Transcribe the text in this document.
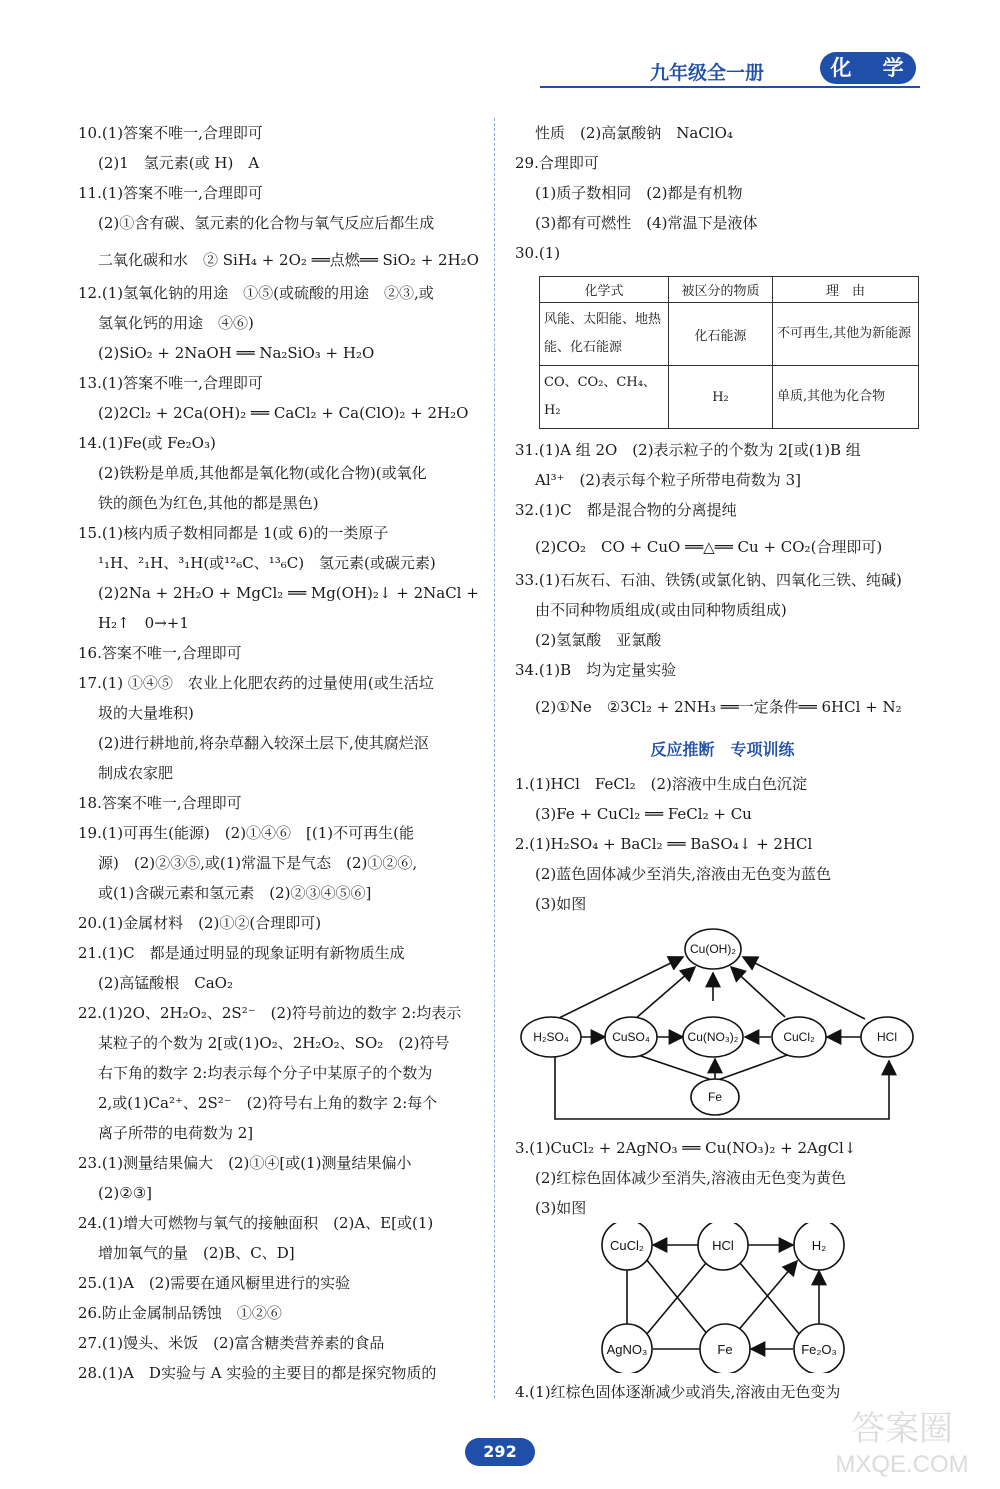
九年级全一册	化 学
10.(1)答案不唯一,合理即可
(2)1　氢元素(或 H)　A
11.(1)答案不唯一,合理即可
(2)①含有碳、氢元素的化合物与氧气反应后都生成
二氧化碳和水　② SiH₄ + 2O₂ ══点燃══ SiO₂ + 2H₂O
12.(1)氢氧化钠的用途　①⑤(或硫酸的用途　②③,或
氢氧化钙的用途　④⑥)
(2)SiO₂ + 2NaOH ══ Na₂SiO₃ + H₂O
13.(1)答案不唯一,合理即可
(2)2Cl₂ + 2Ca(OH)₂ ══ CaCl₂ + Ca(ClO)₂ + 2H₂O
14.(1)Fe(或 Fe₂O₃)
(2)铁粉是单质,其他都是氧化物(或化合物)(或氧化
铁的颜色为红色,其他的都是黑色)
15.(1)核内质子数相同都是 1(或 6)的一类原子
¹₁H、²₁H、³₁H(或¹²₆C、¹³₆C)　氢元素(或碳元素)
(2)2Na + 2H₂O + MgCl₂ ══ Mg(OH)₂↓ + 2NaCl +
H₂↑　0→+1
16.答案不唯一,合理即可
17.(1) ①④⑤　农业上化肥农药的过量使用(或生活垃
圾的大量堆积)
(2)进行耕地前,将杂草翻入较深土层下,使其腐烂沤
制成农家肥
18.答案不唯一,合理即可
19.(1)可再生(能源)　(2)①④⑥　[(1)不可再生(能
源)　(2)②③⑤,或(1)常温下是气态　(2)①②⑥,
或(1)含碳元素和氢元素　(2)②③④⑤⑥]
20.(1)金属材料　(2)①②(合理即可)
21.(1)C　都是通过明显的现象证明有新物质生成
(2)高锰酸根　CaO₂
22.(1)2O、2H₂O₂、2S²⁻　(2)符号前边的数字 2:均表示
某粒子的个数为 2[或(1)O₂、2H₂O₂、SO₂　(2)符号
右下角的数字 2:均表示每个分子中某原子的个数为
2,或(1)Ca²⁺、2S²⁻　(2)符号右上角的数字 2:每个
离子所带的电荷数为 2]
23.(1)测量结果偏大　(2)①④[或(1)测量结果偏小
(2)②③]
24.(1)增大可燃物与氧气的接触面积　(2)A、E[或(1)
增加氧气的量　(2)B、C、D]
25.(1)A　(2)需要在通风橱里进行的实验
26.防止金属制品锈蚀　①②⑥
27.(1)馒头、米饭　(2)富含糖类营养素的食品
28.(1)A　D实验与 A 实验的主要目的都是探究物质的
性质　(2)高氯酸钠　NaClO₄
29.合理即可
(1)质子数相同　(2)都是有机物
(3)都有可燃性　(4)常温下是液体
30.(1)
化学式	被区分的物质	理　由
风能、太阳能、地热能、化石能源	化石能源	不可再生,其他为新能源
CO、CO₂、CH₄、H₂	H₂	单质,其他为化合物
31.(1)A 组 2O　(2)表示粒子的个数为 2[或(1)B 组
Al³⁺　(2)表示每个粒子所带电荷数为 3]
32.(1)C　都是混合物的分离提纯
(2)CO₂　CO + CuO ══△══ Cu + CO₂(合理即可)
33.(1)石灰石、石油、铁锈(或氯化钠、四氧化三铁、纯碱)
由不同种物质组成(或由同种物质组成)
(2)氢氯酸　亚氯酸
34.(1)B　均为定量实验
(2)①Ne　②3Cl₂ + 2NH₃ ══一定条件══ 6HCl + N₂
反应推断　专项训练
1.(1)HCl　FeCl₂　(2)溶液中生成白色沉淀
(3)Fe + CuCl₂ ══ FeCl₂ + Cu
2.(1)H₂SO₄ + BaCl₂ ══ BaSO₄↓ + 2HCl
(2)蓝色固体减少至消失,溶液由无色变为蓝色
(3)如图
Cu(OH)₂
H₂SO₄	CuSO₄	Cu(NO₃)₂	CuCl₂	HCl
Fe
3.(1)CuCl₂ + 2AgNO₃ ══ Cu(NO₃)₂ + 2AgCl↓
(2)红棕色固体减少至消失,溶液由无色变为黄色
(3)如图
CuCl₂	HCl	H₂
AgNO₃	Fe	Fe₂O₃
4.(1)红棕色固体逐渐减少或消失,溶液由无色变为
292
答案圈
MXQE.COM
